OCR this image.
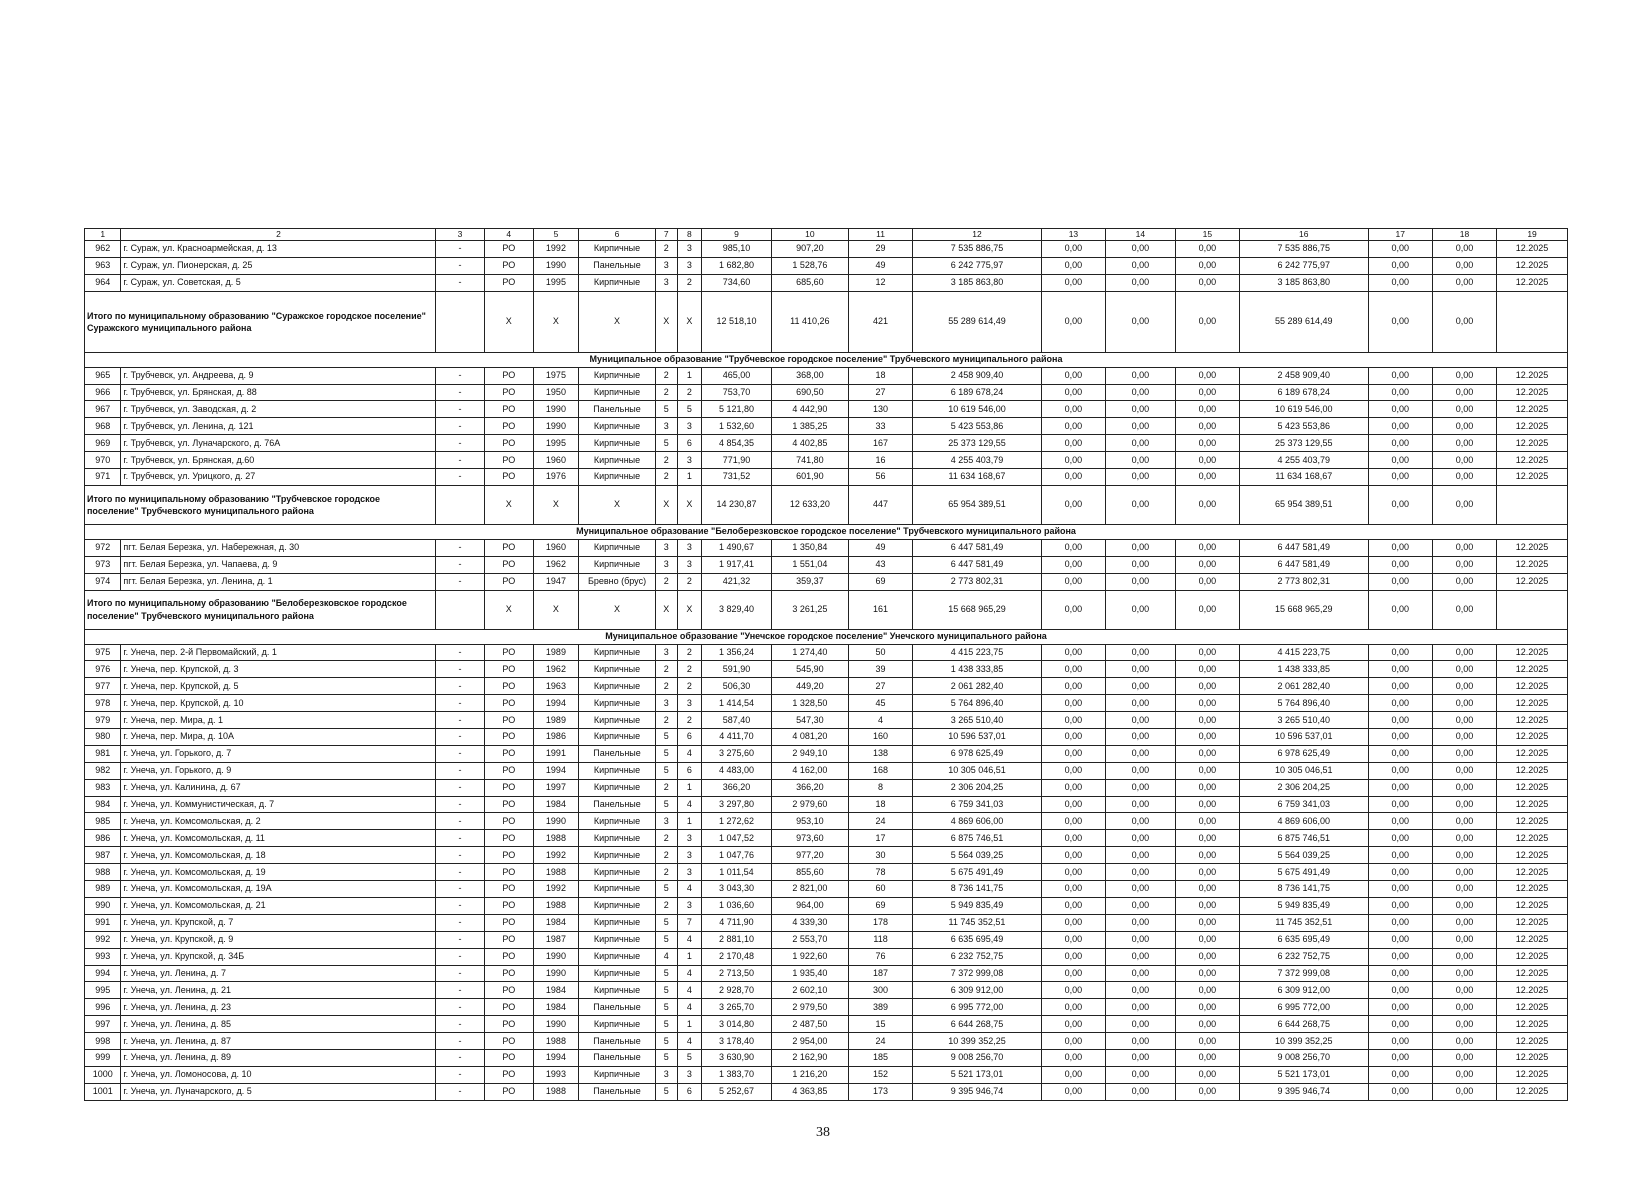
1	2	3	4	5	6	7	8	9	10	11	12	13	14	15	16	17	18	19
962	г. Сураж, ул. Красноармейская, д. 13	-	РО	1992	Кирпичные	2	3	985,10	907,20	29	7 535 886,75	0,00	0,00	0,00	7 535 886,75	0,00	0,00	12.2025
963	г. Сураж, ул. Пионерская, д. 25	-	РО	1990	Панельные	3	3	1 682,80	1 528,76	49	6 242 775,97	0,00	0,00	0,00	6 242 775,97	0,00	0,00	12.2025
964	г. Сураж, ул. Советская, д. 5	-	РО	1995	Кирпичные	3	2	734,60	685,60	12	3 185 863,80	0,00	0,00	0,00	3 185 863,80	0,00	0,00	12.2025
Итого по муниципальному образованию "Суражское городское поселение" Суражского муниципального района			X	X	X	X	X	12 518,10	11 410,26	421	55 289 614,49	0,00	0,00	0,00	55 289 614,49	0,00	0,00	
Муниципальное образование "Трубчевское городское поселение" Трубчевского муниципального района																		
965	г. Трубчевск, ул. Андреева, д. 9	-	РО	1975	Кирпичные	2	1	465,00	368,00	18	2 458 909,40	0,00	0,00	0,00	2 458 909,40	0,00	0,00	12.2025
966	г. Трубчевск, ул. Брянская, д. 88	-	РО	1950	Кирпичные	2	2	753,70	690,50	27	6 189 678,24	0,00	0,00	0,00	6 189 678,24	0,00	0,00	12.2025
967	г. Трубчевск, ул. Заводская, д. 2	-	РО	1990	Панельные	5	5	5 121,80	4 442,90	130	10 619 546,00	0,00	0,00	0,00	10 619 546,00	0,00	0,00	12.2025
968	г. Трубчевск, ул. Ленина, д. 121	-	РО	1990	Кирпичные	3	3	1 532,60	1 385,25	33	5 423 553,86	0,00	0,00	0,00	5 423 553,86	0,00	0,00	12.2025
969	г. Трубчевск, ул. Луначарского, д. 76А	-	РО	1995	Кирпичные	5	6	4 854,35	4 402,85	167	25 373 129,55	0,00	0,00	0,00	25 373 129,55	0,00	0,00	12.2025
970	г. Трубчевск, ул. Брянская, д.60	-	РО	1960	Кирпичные	2	3	771,90	741,80	16	4 255 403,79	0,00	0,00	0,00	4 255 403,79	0,00	0,00	12.2025
971	г. Трубчевск, ул. Урицкого, д. 27	-	РО	1976	Кирпичные	2	1	731,52	601,90	56	11 634 168,67	0,00	0,00	0,00	11 634 168,67	0,00	0,00	12.2025
Итого по муниципальному образованию "Трубчевское городское поселение" Трубчевского муниципального района			X	X	X	X	X	14 230,87	12 633,20	447	65 954 389,51	0,00	0,00	0,00	65 954 389,51	0,00	0,00	
Муниципальное образование "Белоберезковское городское поселение" Трубчевского муниципального района																		
972	пгт. Белая Березка, ул. Набережная, д. 30	-	РО	1960	Кирпичные	3	3	1 490,67	1 350,84	49	6 447 581,49	0,00	0,00	0,00	6 447 581,49	0,00	0,00	12.2025
973	пгт. Белая Березка, ул. Чапаева, д. 9	-	РО	1962	Кирпичные	3	3	1 917,41	1 551,04	43	6 447 581,49	0,00	0,00	0,00	6 447 581,49	0,00	0,00	12.2025
974	пгт. Белая Березка, ул. Ленина, д. 1	-	РО	1947	Бревно (брус)	2	2	421,32	359,37	69	2 773 802,31	0,00	0,00	0,00	2 773 802,31	0,00	0,00	12.2025
Итого по муниципальному образованию "Белоберезковское городское поселение" Трубчевского муниципального района			X	X	X	X	X	3 829,40	3 261,25	161	15 668 965,29	0,00	0,00	0,00	15 668 965,29	0,00	0,00	
Муниципальное образование "Унечское городское поселение" Унечского муниципального района																		
975	г. Унеча, пер. 2-й Первомайский, д. 1	-	РО	1989	Кирпичные	3	2	1 356,24	1 274,40	50	4 415 223,75	0,00	0,00	0,00	4 415 223,75	0,00	0,00	12.2025
976	г. Унеча, пер. Крупской, д. 3	-	РО	1962	Кирпичные	2	2	591,90	545,90	39	1 438 333,85	0,00	0,00	0,00	1 438 333,85	0,00	0,00	12.2025
977	г. Унеча, пер. Крупской, д. 5	-	РО	1963	Кирпичные	2	2	506,30	449,20	27	2 061 282,40	0,00	0,00	0,00	2 061 282,40	0,00	0,00	12.2025
978	г. Унеча, пер. Крупской, д. 10	-	РО	1994	Кирпичные	3	3	1 414,54	1 328,50	45	5 764 896,40	0,00	0,00	0,00	5 764 896,40	0,00	0,00	12.2025
979	г. Унеча, пер. Мира, д. 1	-	РО	1989	Кирпичные	2	2	587,40	547,30	4	3 265 510,40	0,00	0,00	0,00	3 265 510,40	0,00	0,00	12.2025
980	г. Унеча, пер. Мира, д. 10А	-	РО	1986	Кирпичные	5	6	4 411,70	4 081,20	160	10 596 537,01	0,00	0,00	0,00	10 596 537,01	0,00	0,00	12.2025
981	г. Унеча, ул. Горького, д. 7	-	РО	1991	Панельные	5	4	3 275,60	2 949,10	138	6 978 625,49	0,00	0,00	0,00	6 978 625,49	0,00	0,00	12.2025
982	г. Унеча, ул. Горького, д. 9	-	РО	1994	Кирпичные	5	6	4 483,00	4 162,00	168	10 305 046,51	0,00	0,00	0,00	10 305 046,51	0,00	0,00	12.2025
983	г. Унеча, ул. Калинина, д. 67	-	РО	1997	Кирпичные	2	1	366,20	366,20	8	2 306 204,25	0,00	0,00	0,00	2 306 204,25	0,00	0,00	12.2025
984	г. Унеча, ул. Коммунистическая, д. 7	-	РО	1984	Панельные	5	4	3 297,80	2 979,60	18	6 759 341,03	0,00	0,00	0,00	6 759 341,03	0,00	0,00	12.2025
985	г. Унеча, ул. Комсомольская, д. 2	-	РО	1990	Кирпичные	3	1	1 272,62	953,10	24	4 869 606,00	0,00	0,00	0,00	4 869 606,00	0,00	0,00	12.2025
986	г. Унеча, ул. Комсомольская, д. 11	-	РО	1988	Кирпичные	2	3	1 047,52	973,60	17	6 875 746,51	0,00	0,00	0,00	6 875 746,51	0,00	0,00	12.2025
987	г. Унеча, ул. Комсомольская, д. 18	-	РО	1992	Кирпичные	2	3	1 047,76	977,20	30	5 564 039,25	0,00	0,00	0,00	5 564 039,25	0,00	0,00	12.2025
988	г. Унеча, ул. Комсомольская, д. 19	-	РО	1988	Кирпичные	2	3	1 011,54	855,60	78	5 675 491,49	0,00	0,00	0,00	5 675 491,49	0,00	0,00	12.2025
989	г. Унеча, ул. Комсомольская, д. 19А	-	РО	1992	Кирпичные	5	4	3 043,30	2 821,00	60	8 736 141,75	0,00	0,00	0,00	8 736 141,75	0,00	0,00	12.2025
990	г. Унеча, ул. Комсомольская, д. 21	-	РО	1988	Кирпичные	2	3	1 036,60	964,00	69	5 949 835,49	0,00	0,00	0,00	5 949 835,49	0,00	0,00	12.2025
991	г. Унеча, ул. Крупской, д. 7	-	РО	1984	Кирпичные	5	7	4 711,90	4 339,30	178	11 745 352,51	0,00	0,00	0,00	11 745 352,51	0,00	0,00	12.2025
992	г. Унеча, ул. Крупской, д. 9	-	РО	1987	Кирпичные	5	4	2 881,10	2 553,70	118	6 635 695,49	0,00	0,00	0,00	6 635 695,49	0,00	0,00	12.2025
993	г. Унеча, ул. Крупской, д. 34Б	-	РО	1990	Кирпичные	4	1	2 170,48	1 922,60	76	6 232 752,75	0,00	0,00	0,00	6 232 752,75	0,00	0,00	12.2025
994	г. Унеча, ул. Ленина, д. 7	-	РО	1990	Кирпичные	5	4	2 713,50	1 935,40	187	7 372 999,08	0,00	0,00	0,00	7 372 999,08	0,00	0,00	12.2025
995	г. Унеча, ул. Ленина, д. 21	-	РО	1984	Кирпичные	5	4	2 928,70	2 602,10	300	6 309 912,00	0,00	0,00	0,00	6 309 912,00	0,00	0,00	12.2025
996	г. Унеча, ул. Ленина, д. 23	-	РО	1984	Панельные	5	4	3 265,70	2 979,50	389	6 995 772,00	0,00	0,00	0,00	6 995 772,00	0,00	0,00	12.2025
997	г. Унеча, ул. Ленина, д. 85	-	РО	1990	Кирпичные	5	1	3 014,80	2 487,50	15	6 644 268,75	0,00	0,00	0,00	6 644 268,75	0,00	0,00	12.2025
998	г. Унеча, ул. Ленина, д. 87	-	РО	1988	Панельные	5	4	3 178,40	2 954,00	24	10 399 352,25	0,00	0,00	0,00	10 399 352,25	0,00	0,00	12.2025
999	г. Унеча, ул. Ленина, д. 89	-	РО	1994	Панельные	5	5	3 630,90	2 162,90	185	9 008 256,70	0,00	0,00	0,00	9 008 256,70	0,00	0,00	12.2025
1000	г. Унеча, ул. Ломоносова, д. 10	-	РО	1993	Кирпичные	3	3	1 383,70	1 216,20	152	5 521 173,01	0,00	0,00	0,00	5 521 173,01	0,00	0,00	12.2025
1001	г. Унеча, ул. Луначарского, д. 5	-	РО	1988	Панельные	5	6	5 252,67	4 363,85	173	9 395 946,74	0,00	0,00	0,00	9 395 946,74	0,00	0,00	12.2025
38
